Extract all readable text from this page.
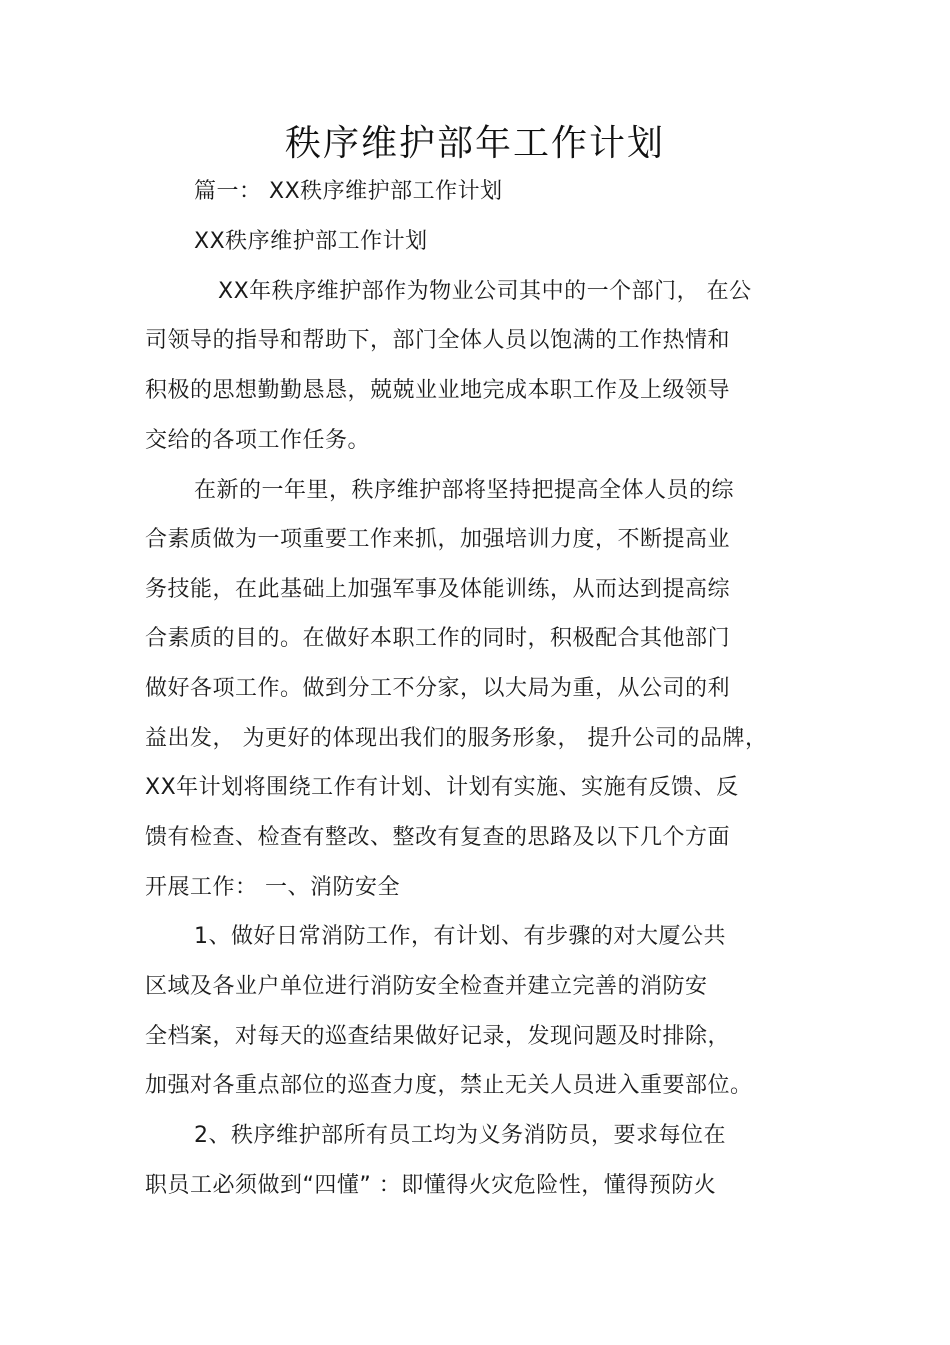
秩序维护部年工作计划
篇一： XX秩序维护部工作计划
XX秩序维护部工作计划
XX年秩序维护部作为物业公司其中的一个部门， 在公
司领导的指导和帮助下，部门全体人员以饱满的工作热情和
积极的思想勤勤恳恳，兢兢业业地完成本职工作及上级领导
交给的各项工作任务。
在新的一年里，秩序维护部将坚持把提高全体人员的综
合素质做为一项重要工作来抓，加强培训力度，不断提高业
务技能，在此基础上加强军事及体能训练，从而达到提高综
合素质的目的。在做好本职工作的同时，积极配合其他部门
做好各项工作。做到分工不分家，以大局为重，从公司的利
益出发， 为更好的体现出我们的服务形象， 提升公司的品牌，
XX年计划将围绕工作有计划、计划有实施、实施有反馈、反
馈有检查、检查有整改、整改有复查的思路及以下几个方面
开展工作： 一、消防安全
1、做好日常消防工作，有计划、有步骤的对大厦公共
区域及各业户单位进行消防安全检查并建立完善的消防安
全档案，对每天的巡查结果做好记录，发现问题及时排除，
加强对各重点部位的巡查力度，禁止无关人员进入重要部位。
2、秩序维护部所有员工均为义务消防员，要求每位在
职员工必须做到“四懂” ：即懂得火灾危险性，懂得预防火
